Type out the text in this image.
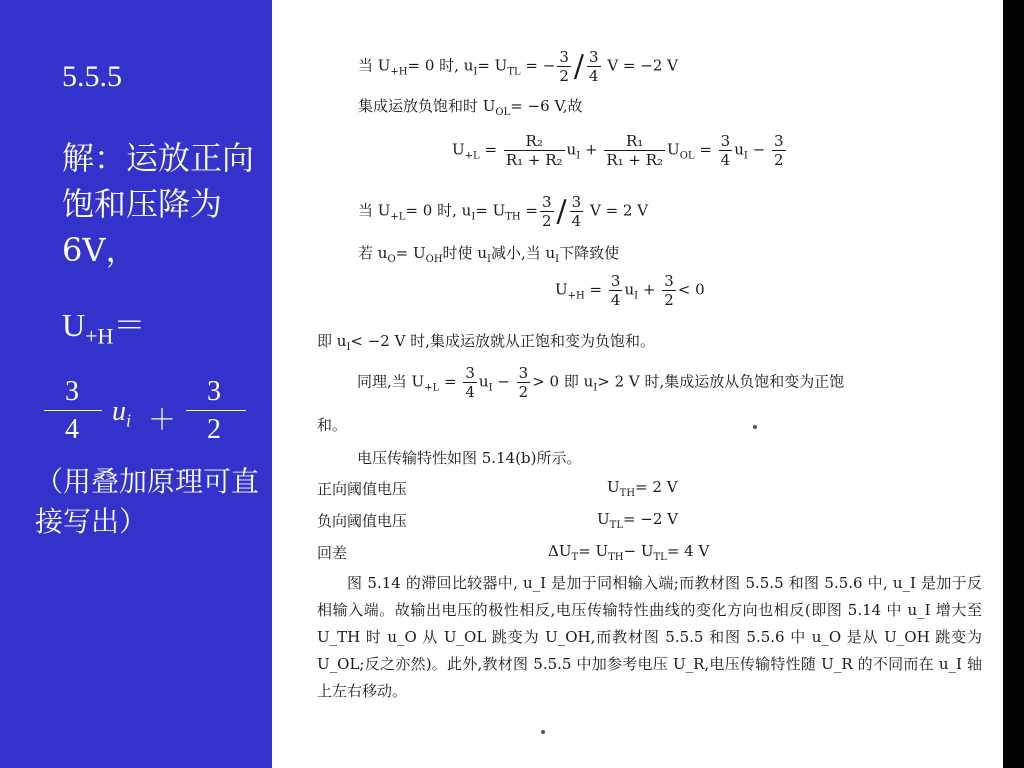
5.5.5
解：运放正向饱和压降为6V，
$U_{+H}=$
3
4
$u_i$ ＋
3
2
（用叠加原理可直接写出）
当 $U_{+H}= 0$ 时, $u_I= U_{TL}$ = − $\frac{3}{2} / \frac{3}{4}$ V = −2 V
集成运放负饱和时 $U_{OL}= -6$ V,故
$U_{+L} = \frac{\text{R₂}}{\text{R₁ + R₂}} u_I + \frac{\text{R₁}}{\text{R₁ + R₂}} U_{OL} = \frac{3}{4} u_I - \frac{3}{2}$
当 $U_{+L}= 0$ 时, $u_I= U_{TH} = \frac{3}{2} / \frac{3}{4}$ V = 2 V
若 $u_O= U_{OH}$时使 $u_I$减小,当 $u_I$下降致使
$U_{+H} = \frac{3}{4} u_I + \frac{3}{2} < 0$
即 $u_I< -2$ V 时,集成运放就从正饱和变为负饱和。
同理,当 $U_{+L} = \frac{3}{4} u_I - \frac{3}{2} > 0$ 即 $u_I> 2$ V 时,集成运放从负饱和变为正饱
和。
电压传输特性如图 5.14(b)所示。
正向阈值电压	$U_{TH}= 2$ V
负向阈值电压	$U_{TL}= -2$ V
回差	$\Delta U_T= U_{TH}- U_{TL}= 4$ V
图 5.14 的滞回比较器中, u_I 是加于同相输入端;而教材图 5.5.5 和图 5.5.6 中, u_I 是加于反相输入端。故输出电压的极性相反,电压传输特性曲线的变化方向也相反(即图 5.14 中 u_I 增大至 U_TH 时 u_O 从 U_OL 跳变为 U_OH,而教材图 5.5.5 和图 5.5.6 中 u_O 是从 U_OH 跳变为 U_OL;反之亦然)。此外,教材图 5.5.5 中加参考电压 U_R,电压传输特性随 U_R 的不同而在 u_I 轴上左右移动。
